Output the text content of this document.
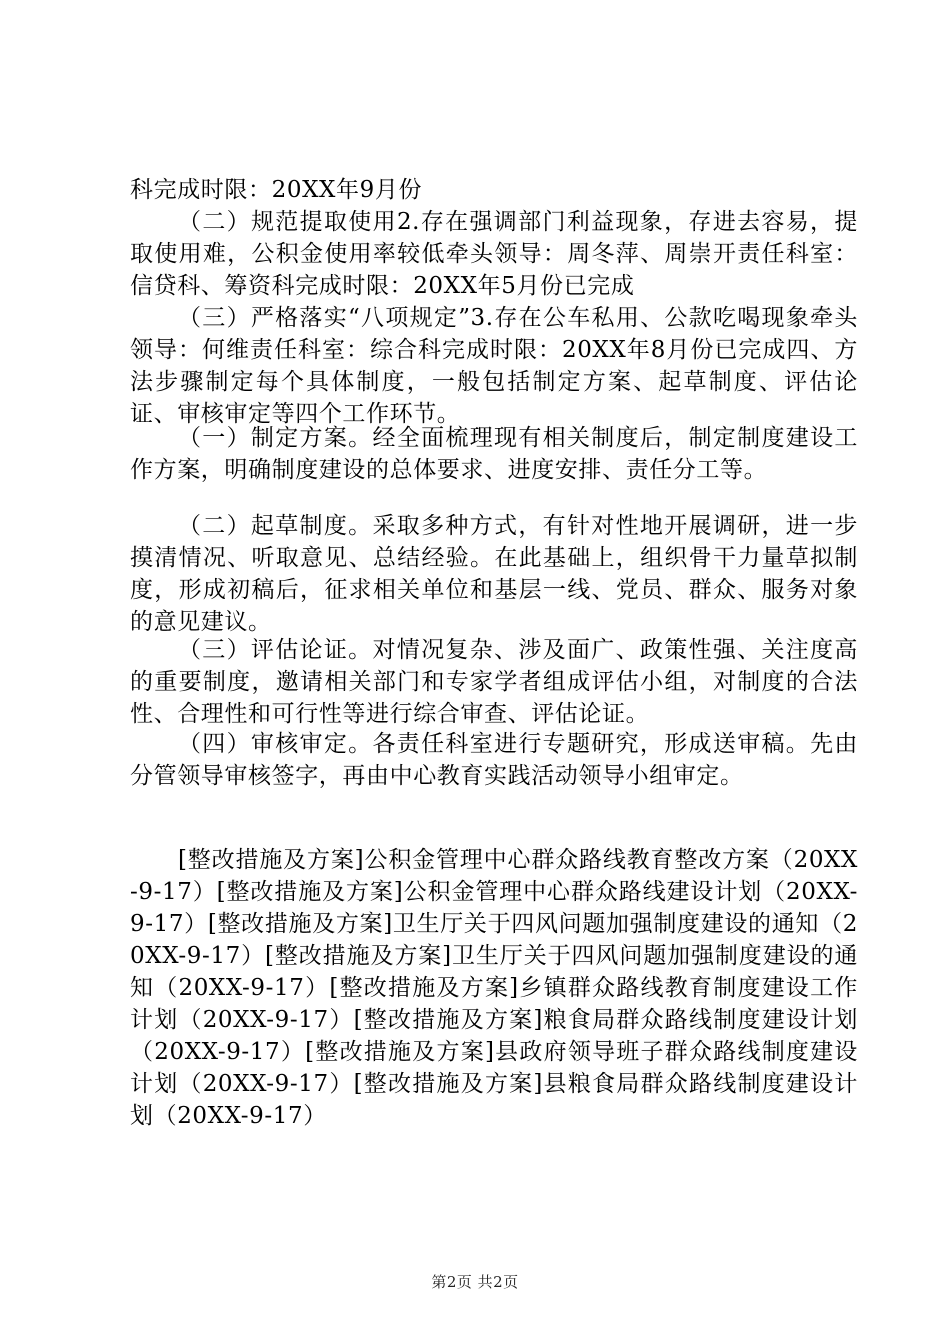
科完成时限：20XX年9月份

（二）规范提取使用2.存在强调部门利益现象，存进去容易，提取使用难，公积金使用率较低牵头领导：周冬萍、周崇开责任科室：信贷科、筹资科完成时限：20XX年5月份已完成

（三）严格落实“八项规定”3.存在公车私用、公款吃喝现象牵头领导：何维责任科室：综合科完成时限：20XX年8月份已完成四、方法步骤制定每个具体制度，一般包括制定方案、起草制度、评估论证、审核审定等四个工作环节。

（一）制定方案。经全面梳理现有相关制度后，制定制度建设工作方案，明确制度建设的总体要求、进度安排、责任分工等。

（二）起草制度。采取多种方式，有针对性地开展调研，进一步摸清情况、听取意见、总结经验。在此基础上，组织骨干力量草拟制度，形成初稿后，征求相关单位和基层一线、党员、群众、服务对象的意见建议。

（三）评估论证。对情况复杂、涉及面广、政策性强、关注度高的重要制度，邀请相关部门和专家学者组成评估小组，对制度的合法性、合理性和可行性等进行综合审查、评估论证。

（四）审核审定。各责任科室进行专题研究，形成送审稿。先由分管领导审核签字，再由中心教育实践活动领导小组审定。

[整改措施及方案]公积金管理中心群众路线教育整改方案（20XX-9-17）[整改措施及方案]公积金管理中心群众路线建设计划（20XX-9-17）[整改措施及方案]卫生厅关于四风问题加强制度建设的通知（20XX-9-17）[整改措施及方案]卫生厅关于四风问题加强制度建设的通知（20XX-9-17）[整改措施及方案]乡镇群众路线教育制度建设工作计划（20XX-9-17）[整改措施及方案]粮食局群众路线制度建设计划（20XX-9-17）[整改措施及方案]县政府领导班子群众路线制度建设计划（20XX-9-17）[整改措施及方案]县粮食局群众路线制度建设计划（20XX-9-17）

第2页 共2页
